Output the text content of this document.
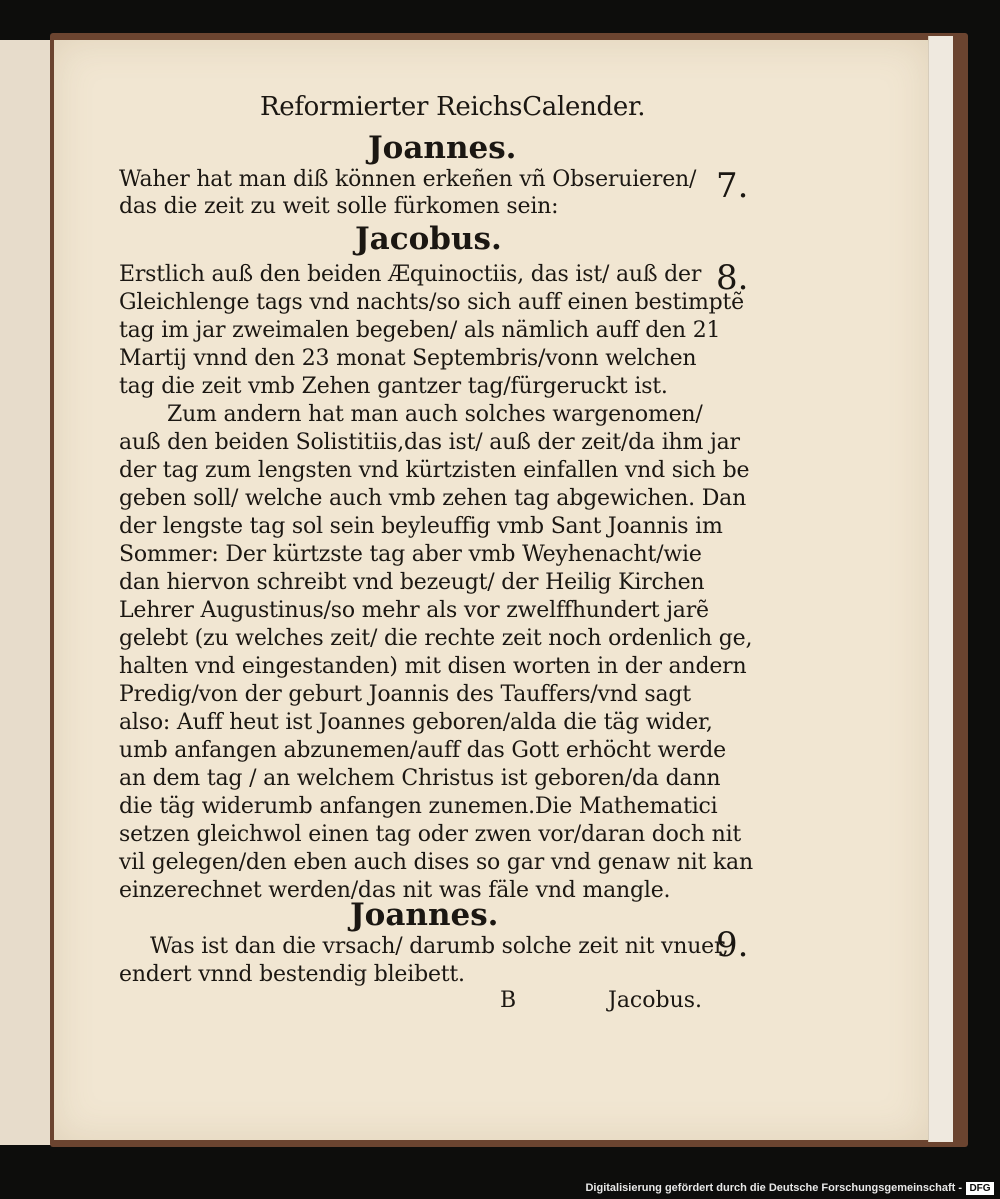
Reformierter ReichsCalender.
Joannes.
7.
Waher hat man diß können erkeñen vñ Obseruieren/
das die zeit zu weit solle fürkomen sein:
Jacobus.
8.
Erstlich auß den beiden Æquinoctiis, das ist/ auß der
Gleichlenge tags vnd nachts/so sich auff einen bestimptẽ
tag im jar zweimalen begeben/ als nämlich auff den 21
Martij vnnd den 23 monat Septembris/vonn welchen
tag die zeit vmb Zehen gantzer tag/fürgeruckt ist.
Zum andern hat man auch solches wargenomen/
auß den beiden Solistitiis,das ist/ auß der zeit/da ihm jar
der tag zum lengsten vnd kürtzisten einfallen vnd sich be
geben soll/ welche auch vmb zehen tag abgewichen. Dan
der lengste tag sol sein beyleuffig vmb Sant Joannis im
Sommer: Der kürtzste tag aber vmb Weyhenacht/wie
dan hiervon schreibt vnd bezeugt/ der Heilig Kirchen
Lehrer Augustinus/so mehr als vor zwelffhundert jarẽ
gelebt (zu welches zeit/ die rechte zeit noch ordenlich ge,
halten vnd eingestanden) mit disen worten in der andern
Predig/von der geburt Joannis des Tauffers/vnd sagt
also: Auff heut ist Joannes geboren/alda die täg wider,
umb anfangen abzunemen/auff das Gott erhöcht werde
an dem tag / an welchem Christus ist geboren/da dann
die täg widerumb anfangen zunemen.Die Mathematici
setzen gleichwol einen tag oder zwen vor/daran doch nit
vil gelegen/den eben auch dises so gar vnd genaw nit kan
einzerechnet werden/das nit was fäle vnd mangle.
Joannes.
9.
Was ist dan die vrsach/ darumb solche zeit nit vnuer,
endert vnnd bestendig bleibett.
B	Jacobus.
Digitalisierung gefördert durch die Deutsche Forschungsgemeinschaft - DFG
